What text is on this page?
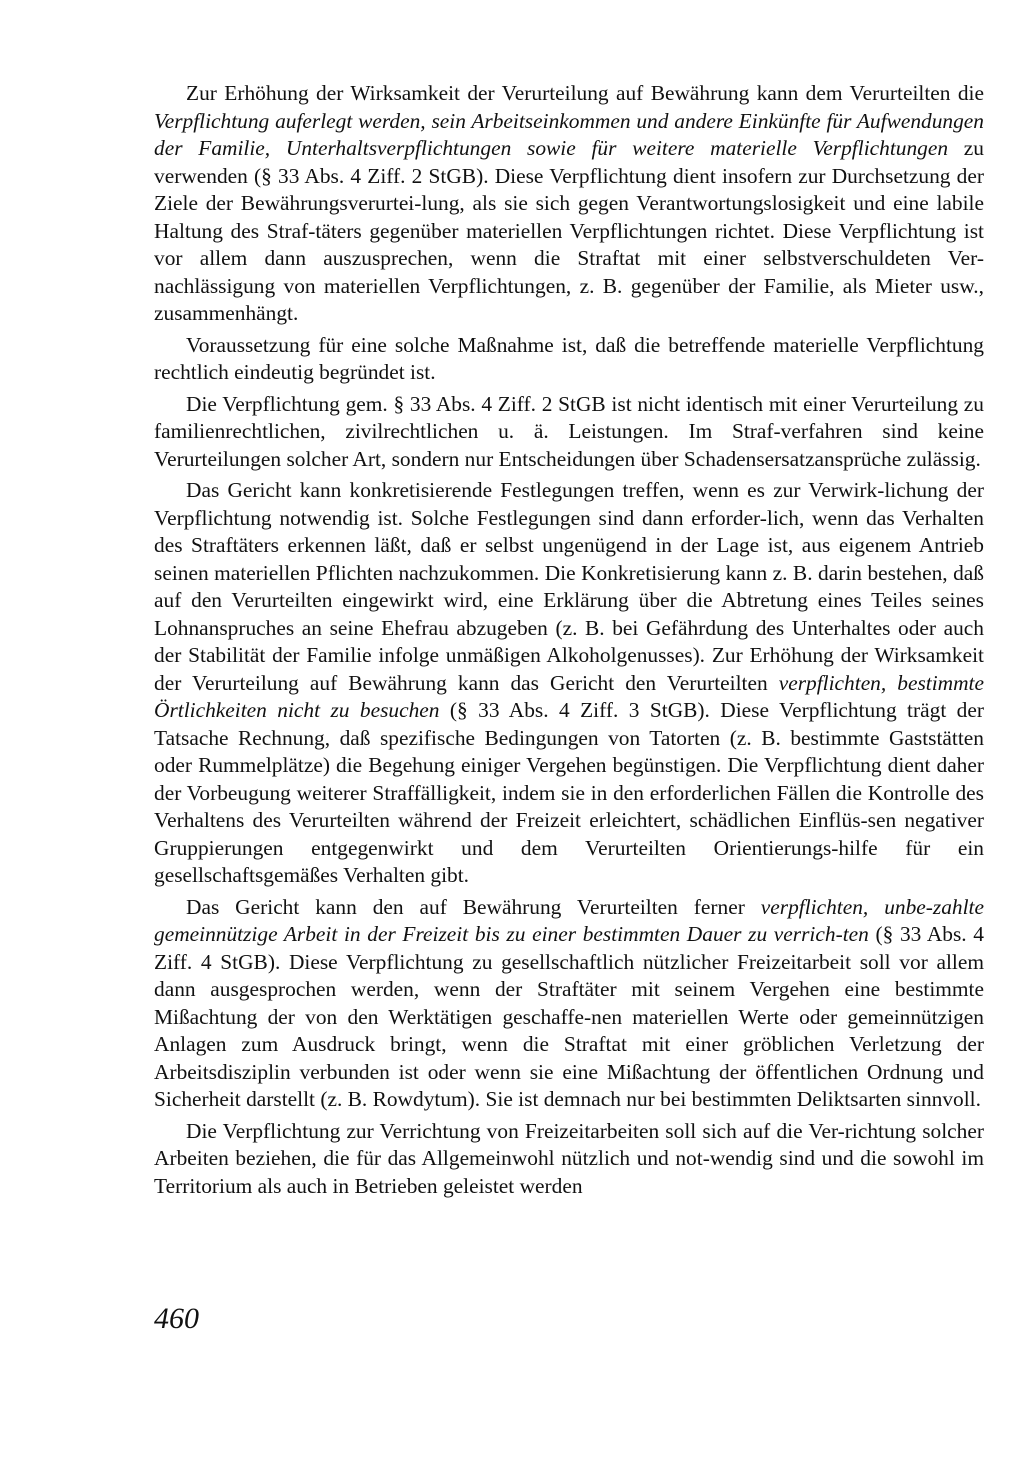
Zur Erhöhung der Wirksamkeit der Verurteilung auf Bewährung kann dem Verurteilten die Verpflichtung auferlegt werden, sein Arbeitseinkommen und andere Einkünfte für Aufwendungen der Familie, Unterhaltsverpflichtungen sowie für weitere materielle Verpflichtungen zu verwenden (§ 33 Abs. 4 Ziff. 2 StGB). Diese Verpflichtung dient insofern zur Durchsetzung der Ziele der Bewährungsverurtei-lung, als sie sich gegen Verantwortungslosigkeit und eine labile Haltung des Straf-täters gegenüber materiellen Verpflichtungen richtet. Diese Verpflichtung ist vor allem dann auszusprechen, wenn die Straftat mit einer selbstverschuldeten Ver-nachlässigung von materiellen Verpflichtungen, z. B. gegenüber der Familie, als Mieter usw., zusammenhängt.

Voraussetzung für eine solche Maßnahme ist, daß die betreffende materielle Verpflichtung rechtlich eindeutig begründet ist.

Die Verpflichtung gem. § 33 Abs. 4 Ziff. 2 StGB ist nicht identisch mit einer Verurteilung zu familienrechtlichen, zivilrechtlichen u. ä. Leistungen. Im Straf-verfahren sind keine Verurteilungen solcher Art, sondern nur Entscheidungen über Schadensersatzansprüche zulässig.

Das Gericht kann konkretisierende Festlegungen treffen, wenn es zur Verwirk-lichung der Verpflichtung notwendig ist. Solche Festlegungen sind dann erforder-lich, wenn das Verhalten des Straftäters erkennen läßt, daß er selbst ungenügend in der Lage ist, aus eigenem Antrieb seinen materiellen Pflichten nachzukommen. Die Konkretisierung kann z. B. darin bestehen, daß auf den Verurteilten eingewirkt wird, eine Erklärung über die Abtretung eines Teiles seines Lohnanspruches an seine Ehefrau abzugeben (z. B. bei Gefährdung des Unterhaltes oder auch der Stabilität der Familie infolge unmäßigen Alkoholgenusses). Zur Erhöhung der Wirksamkeit der Verurteilung auf Bewährung kann das Gericht den Verurteilten verpflichten, bestimmte Örtlichkeiten nicht zu besuchen (§ 33 Abs. 4 Ziff. 3 StGB). Diese Verpflichtung trägt der Tatsache Rechnung, daß spezifische Bedingungen von Tatorten (z. B. bestimmte Gaststätten oder Rummelplätze) die Begehung einiger Vergehen begünstigen. Die Verpflichtung dient daher der Vorbeugung weiterer Straffälligkeit, indem sie in den erforderlichen Fällen die Kontrolle des Verhaltens des Verurteilten während der Freizeit erleichtert, schädlichen Einflüs-sen negativer Gruppierungen entgegenwirkt und dem Verurteilten Orientierungs-hilfe für ein gesellschaftsgemäßes Verhalten gibt.

Das Gericht kann den auf Bewährung Verurteilten ferner verpflichten, unbe-zahlte gemeinnützige Arbeit in der Freizeit bis zu einer bestimmten Dauer zu verrich-ten (§ 33 Abs. 4 Ziff. 4 StGB). Diese Verpflichtung zu gesellschaftlich nützlicher Freizeitarbeit soll vor allem dann ausgesprochen werden, wenn der Straftäter mit seinem Vergehen eine bestimmte Mißachtung der von den Werktätigen geschaffe-nen materiellen Werte oder gemeinnützigen Anlagen zum Ausdruck bringt, wenn die Straftat mit einer gröblichen Verletzung der Arbeitsdisziplin verbunden ist oder wenn sie eine Mißachtung der öffentlichen Ordnung und Sicherheit darstellt (z. B. Rowdytum). Sie ist demnach nur bei bestimmten Deliktsarten sinnvoll.

Die Verpflichtung zur Verrichtung von Freizeitarbeiten soll sich auf die Ver-richtung solcher Arbeiten beziehen, die für das Allgemeinwohl nützlich und not-wendig sind und die sowohl im Territorium als auch in Betrieben geleistet werden

460
